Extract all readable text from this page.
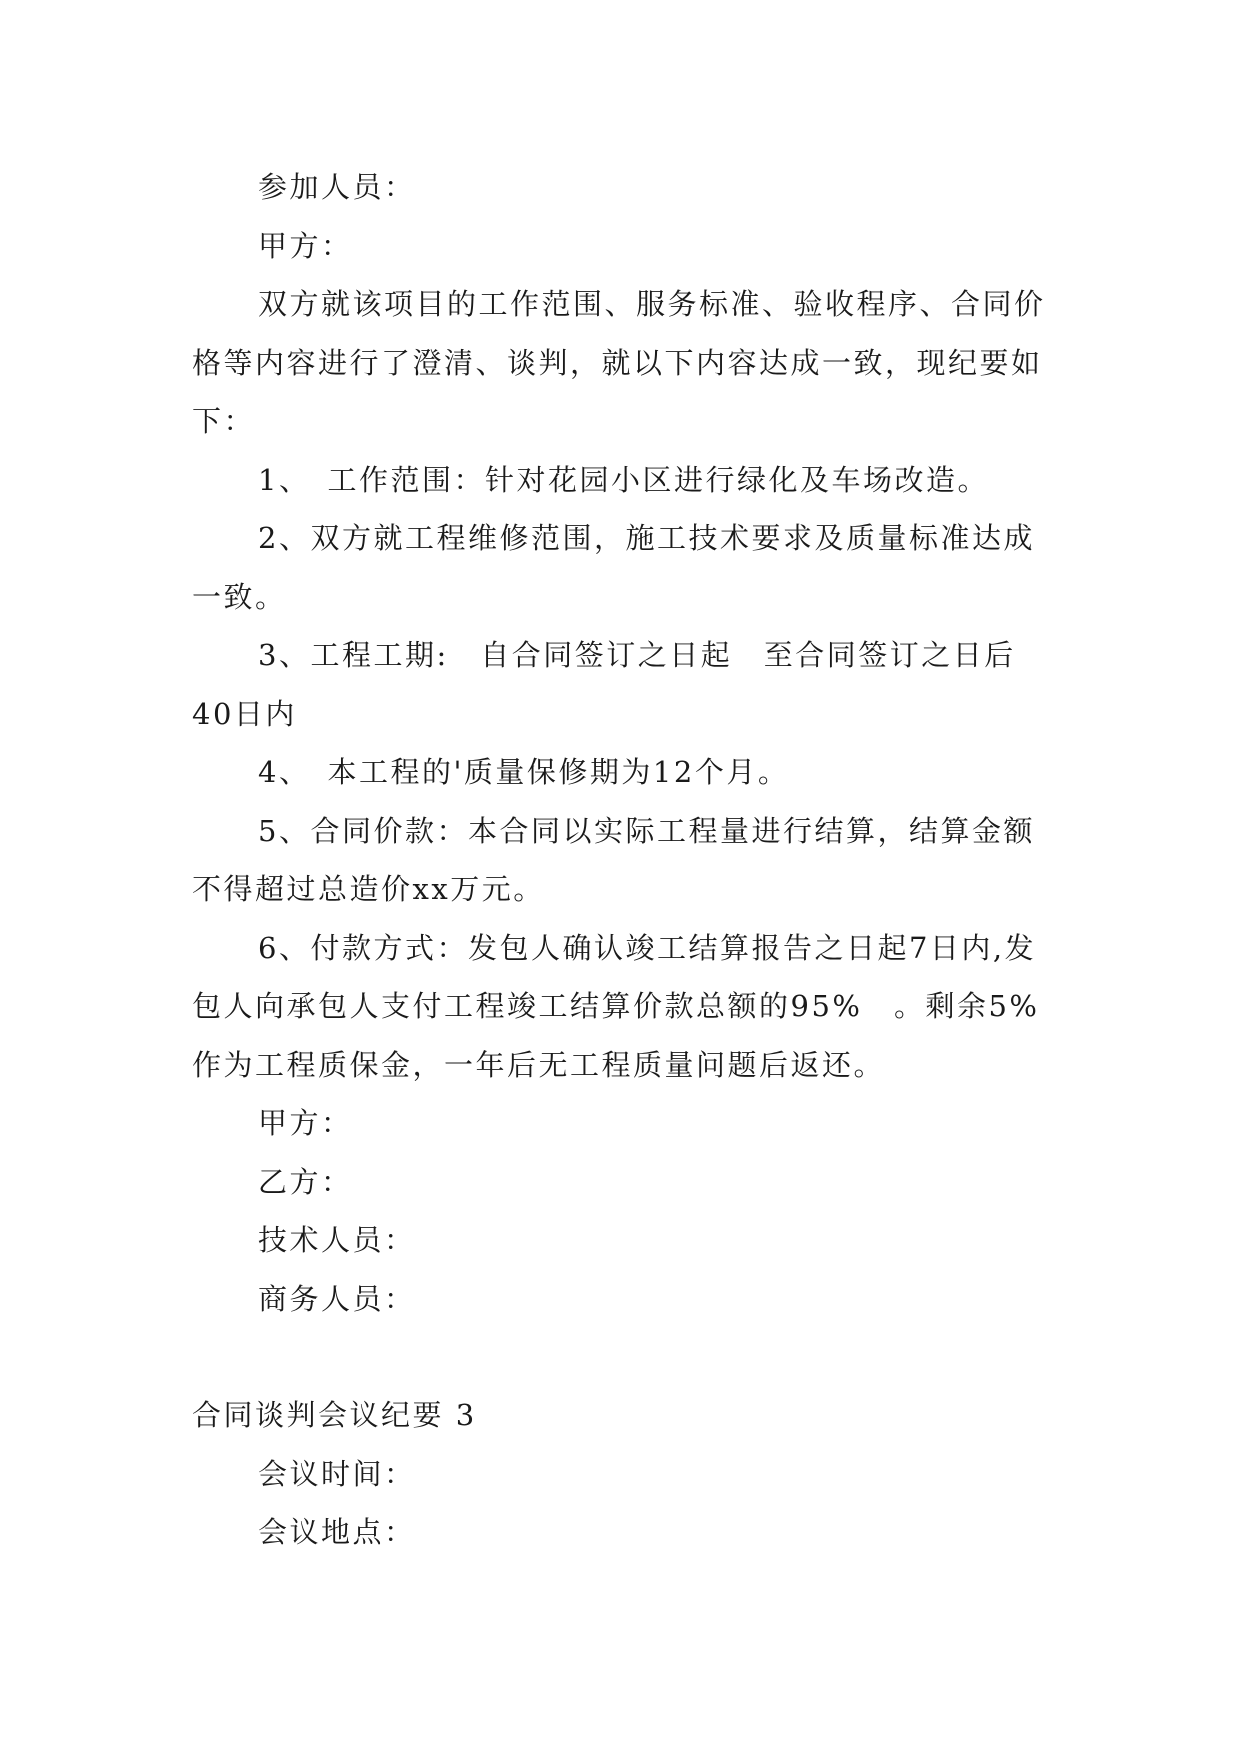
参加人员：

甲方：

双方就该项目的工作范围、服务标准、验收程序、合同价格等内容进行了澄清、谈判，就以下内容达成一致，现纪要如下：

1、　工作范围：针对花园小区进行绿化及车场改造。

2、双方就工程维修范围，施工技术要求及质量标准达成一致。

3、工程工期:　自合同签订之日起　至合同签订之日后40日内

4、　本工程的'质量保修期为12个月。

5、合同价款：本合同以实际工程量进行结算，结算金额不得超过总造价xx万元。

6、付款方式：发包人确认竣工结算报告之日起7日内,发包人向承包人支付工程竣工结算价款总额的95%　。剩余5%作为工程质保金，一年后无工程质量问题后返还。

甲方：

乙方：

技术人员：

商务人员：

合同谈判会议纪要 3

会议时间：

会议地点：
